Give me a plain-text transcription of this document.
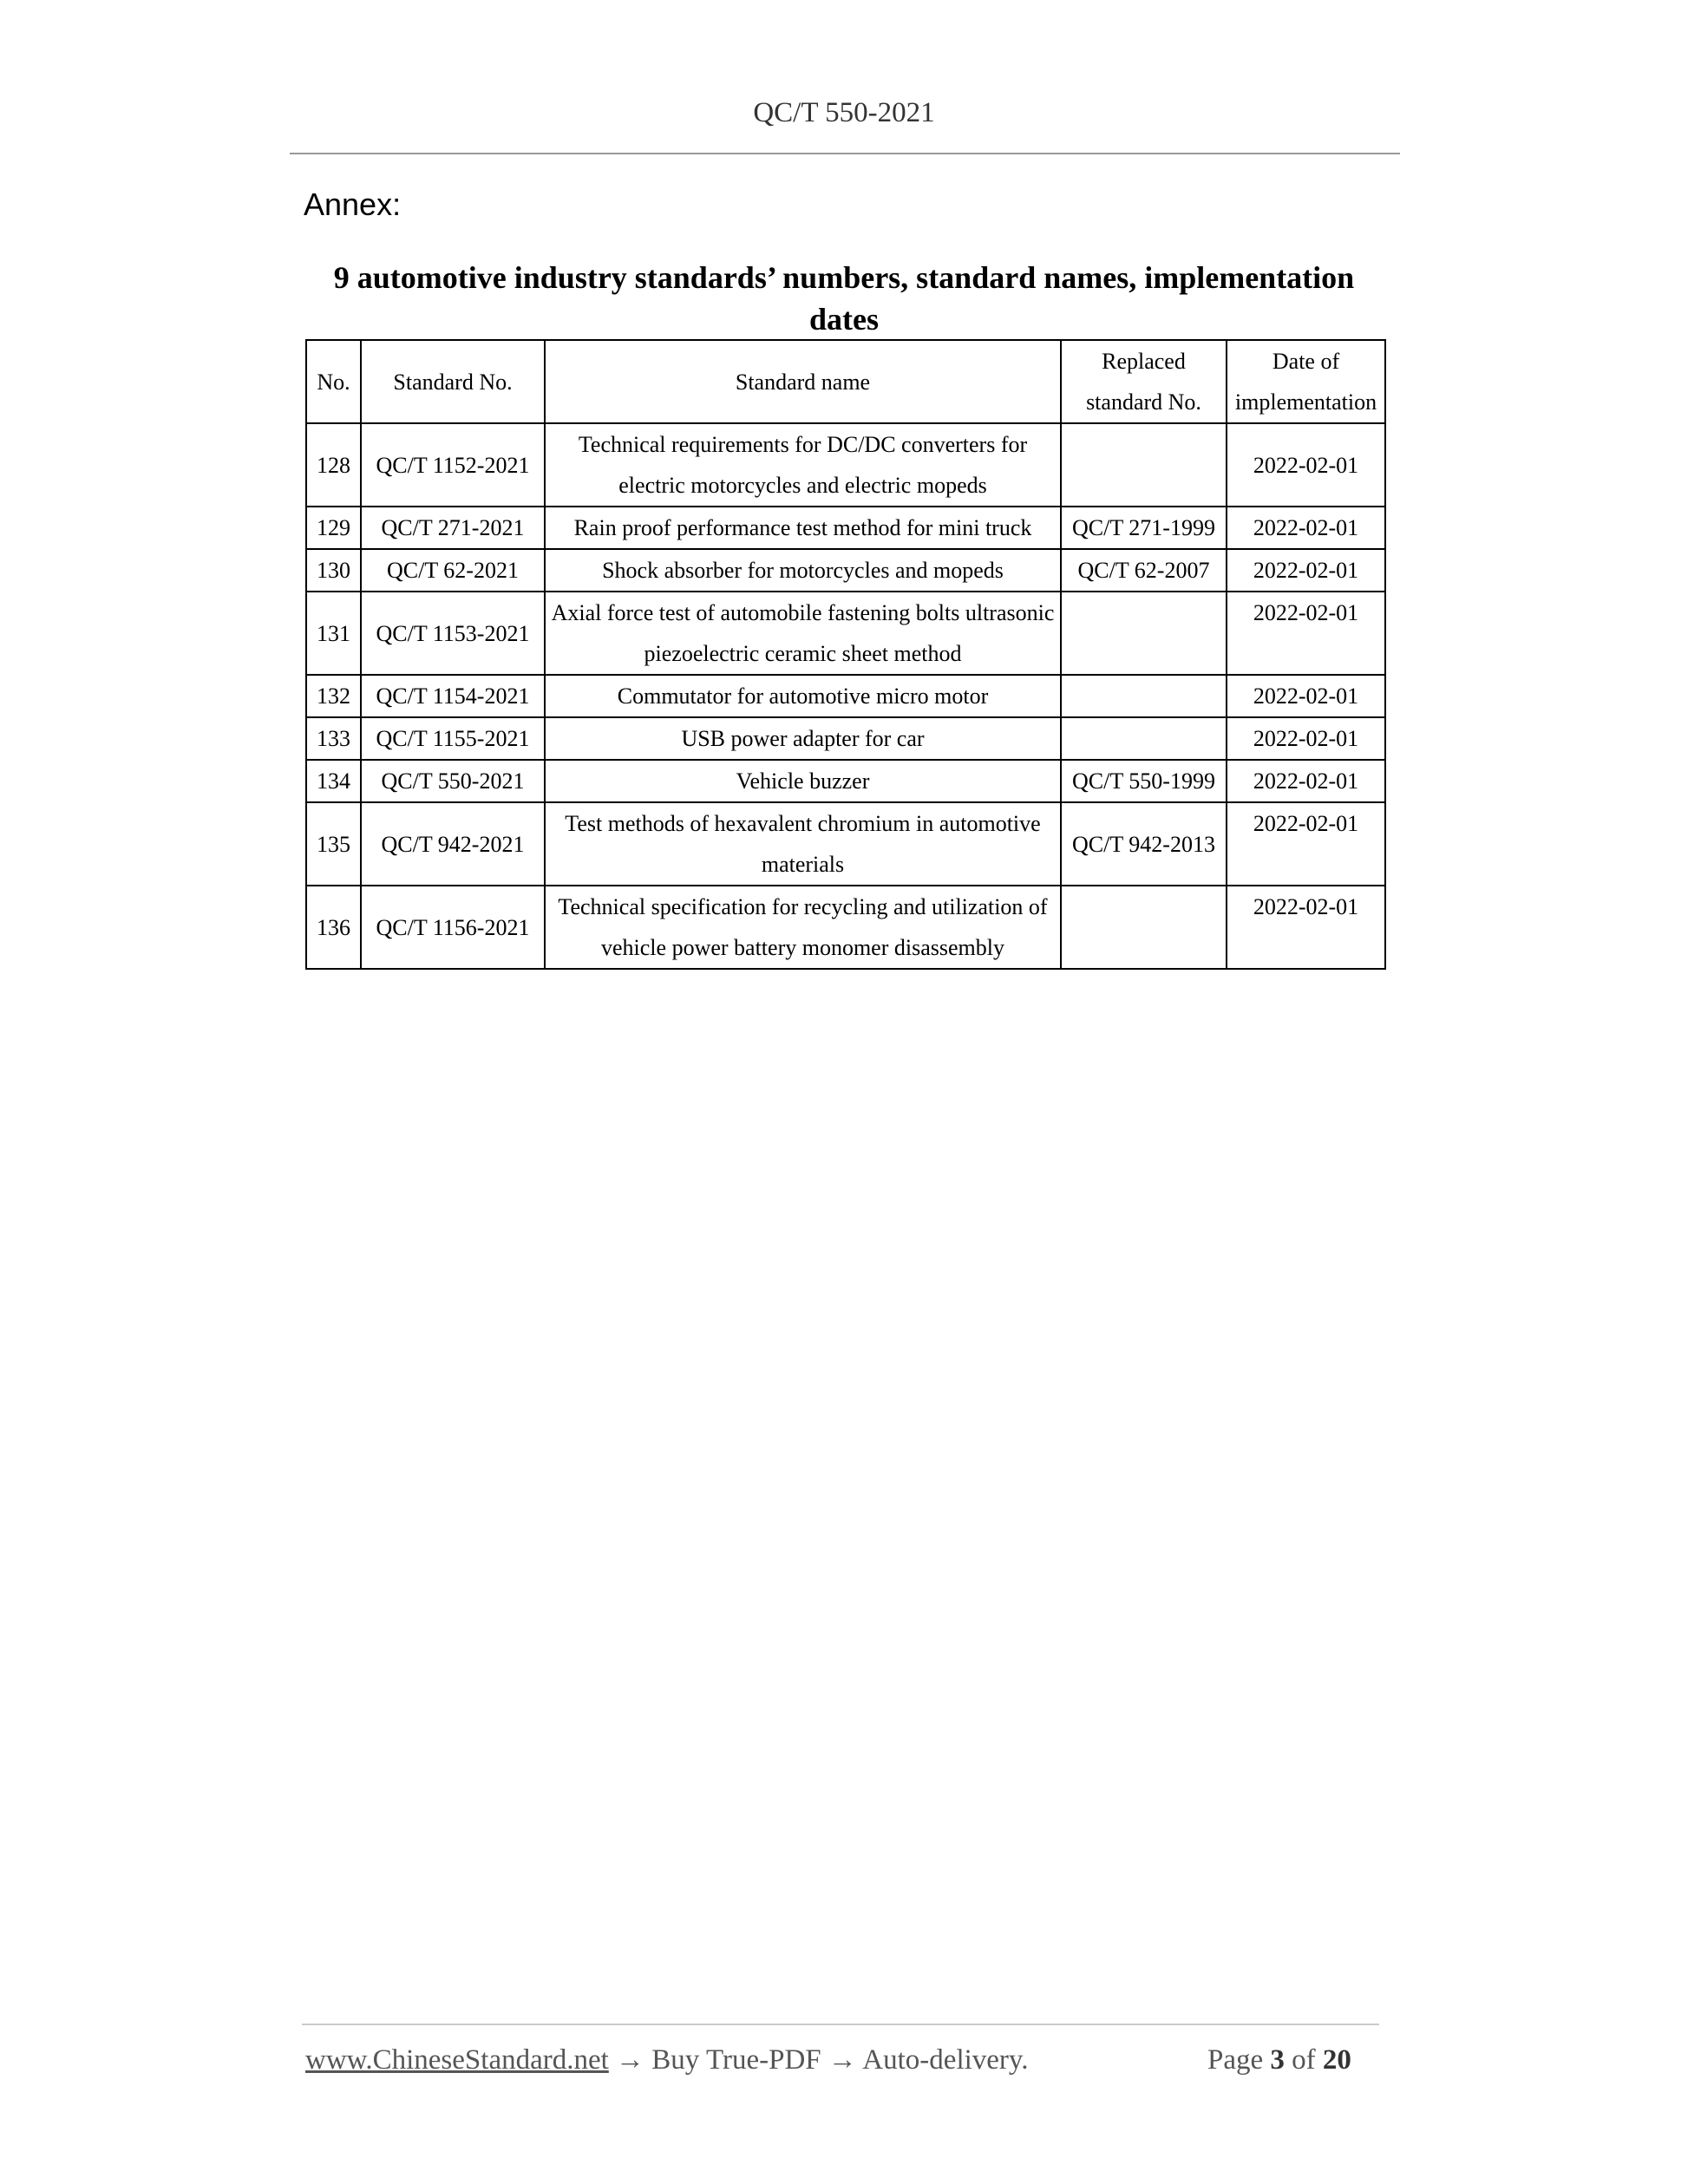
QC/T 550-2021
Annex:
9 automotive industry standards’ numbers, standard names, implementation dates
No.	Standard No.	Standard name	Replaced standard No.	Date of implementation
128	QC/T 1152-2021	Technical requirements for DC/DC converters for electric motorcycles and electric mopeds		2022-02-01
129	QC/T 271-2021	Rain proof performance test method for mini truck	QC/T 271-1999	2022-02-01
130	QC/T 62-2021	Shock absorber for motorcycles and mopeds	QC/T 62-2007	2022-02-01
131	QC/T 1153-2021	Axial force test of automobile fastening bolts ultrasonic piezoelectric ceramic sheet method		2022-02-01
132	QC/T 1154-2021	Commutator for automotive micro motor		2022-02-01
133	QC/T 1155-2021	USB power adapter for car		2022-02-01
134	QC/T 550-2021	Vehicle buzzer	QC/T 550-1999	2022-02-01
135	QC/T 942-2021	Test methods of hexavalent chromium in automotive materials	QC/T 942-2013	2022-02-01
136	QC/T 1156-2021	Technical specification for recycling and utilization of vehicle power battery monomer disassembly		2022-02-01
www.ChineseStandard.net → Buy True-PDF → Auto-delivery.	Page 3 of 20
